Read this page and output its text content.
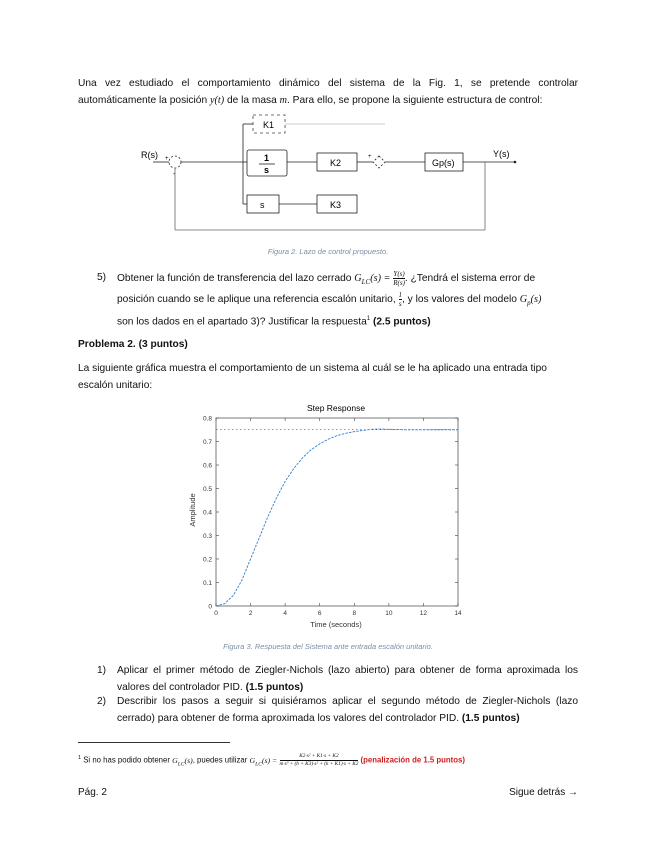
Una vez estudiado el comportamiento dinámico del sistema de la Fig. 1, se pretende controlar
automáticamente la posición y(t) de la masa m. Para ello, se propone la siguiente estructura de control:
R(s)	Y(s)
+
-
+
K1
1
s
K2
s	K3
Gp(s)
Figura 2. Lazo de control propuesto.
5) Obtener la función de transferencia del lazo cerrado $G_{LC}(s) = \frac{Y(s)}{R(s)}$ . ¿Tendrá el sistema error de
posición cuando se le aplique una referencia escalón unitario, $\frac{1}{s}$ , y los valores del modelo $G_p(s)$
son los dados en el apartado 3)? Justificar la respuesta$^1$ (2.5 puntos)
Problema 2. (3 puntos)
La siguiente gráfica muestra el comportamiento de un sistema al cuál se le ha aplicado una entrada tipo
escalón unitario:
Step Response
Time (seconds)
Amplitude
0	2	4	6	8	10	12	14
0
0.1
0.2
0.3
0.4
0.5
0.6
0.7
0.8
Figura 3. Respuesta del Sistema ante entrada escalón unitario.
1) Aplicar el primer método de Ziegler-Nichols (lazo abierto) para obtener de forma aproximada los valores del controlador PID. (1.5 puntos)
2) Describir los pasos a seguir si quisiéramos aplicar el segundo método de Ziegler-Nichols (lazo cerrado) para obtener de forma aproximada los valores del controlador PID. (1.5 puntos)
$^1$ Si no has podido obtener $G_{LC}(s)$, puedes utilizar $G_{LC}(s) = \frac{\text{K2·s² + K1·s + K2}}{\text{m·s³ + (b + K3)·s² + (k + K1)·s + K2}}$ (penalización de 1.5 puntos)
Pág. 2	Sigue detrás →
